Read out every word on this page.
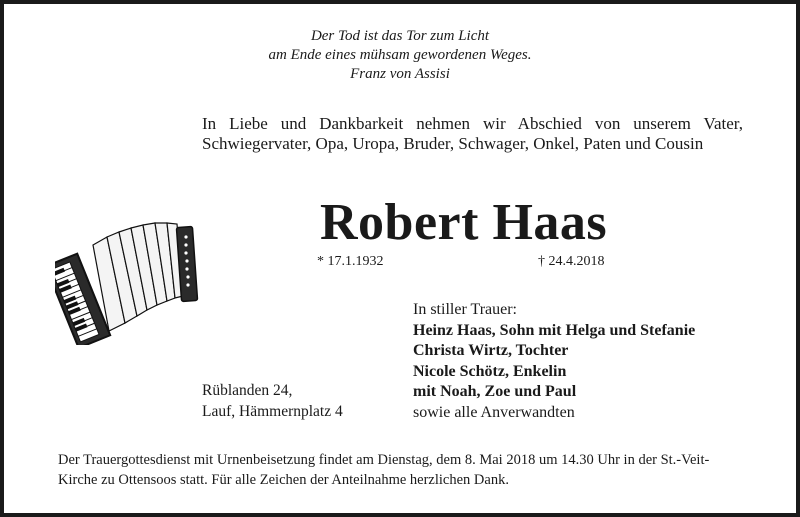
Der Tod ist das Tor zum Licht
am Ende eines mühsam gewordenen Weges.
Franz von Assisi
In Liebe und Dankbarkeit nehmen wir Abschied von unserem Vater, Schwiegervater, Opa, Uropa, Bruder, Schwager, Onkel, Paten und Cousin
Robert Haas
* 17.1.1932	† 24.4.2018
In stiller Trauer:
Heinz Haas, Sohn mit Helga und Stefanie
Christa Wirtz, Tochter
Nicole Schötz, Enkelin
mit Noah, Zoe und Paul
sowie alle Anverwandten
Rüblanden 24,
Lauf, Hämmernplatz 4
Der Trauergottesdienst mit Urnenbeisetzung findet am Dienstag, dem 8. Mai 2018 um 14.30 Uhr in der St.-Veit-Kirche zu Ottensoos statt. Für alle Zeichen der Anteilnahme herzlichen Dank.
